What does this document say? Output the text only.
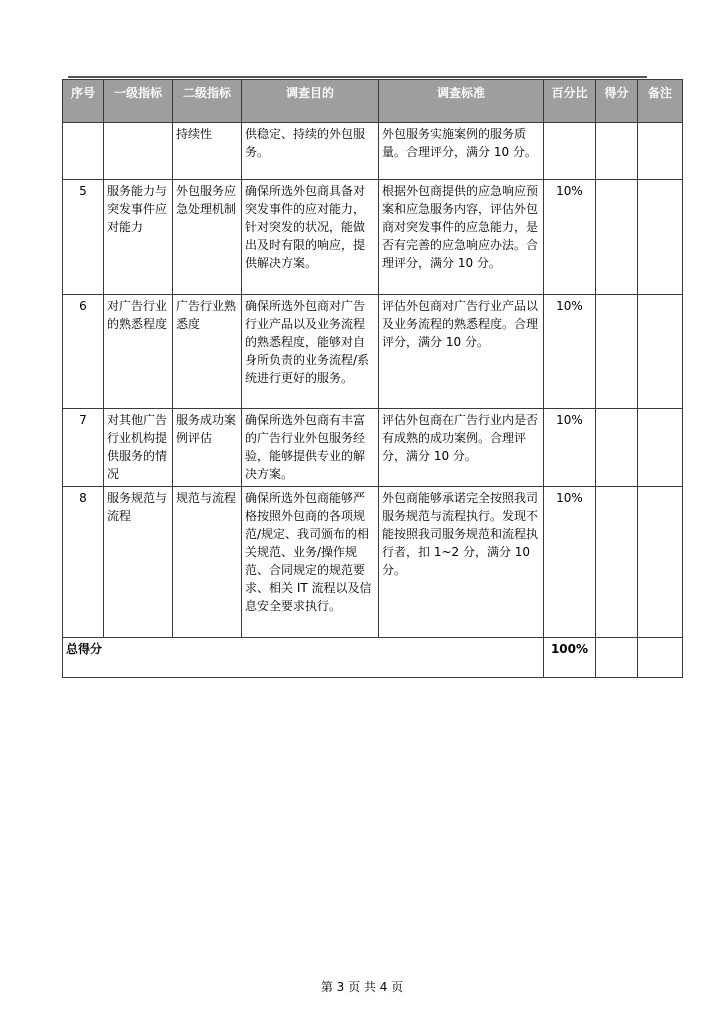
序号	一级指标	二级指标	调查目的	调查标准	百分比	得分	备注
		持续性	供稳定、持续的外包服务。	外包服务实施案例的服务质量。合理评分，满分 10 分。			
5	服务能力与突发事件应对能力	外包服务应急处理机制	确保所选外包商具备对突发事件的应对能力，针对突发的状况，能做出及时有限的响应，提供解决方案。	根据外包商提供的应急响应预案和应急服务内容，评估外包商对突发事件的应急能力，是否有完善的应急响应办法。合理评分，满分 10 分。	10%		
6	对广告行业的熟悉程度	广告行业熟悉度	确保所选外包商对广告行业产品以及业务流程的熟悉程度，能够对自身所负责的业务流程/系统进行更好的服务。	评估外包商对广告行业产品以及业务流程的熟悉程度。合理评分，满分 10 分。	10%		
7	对其他广告行业机构提供服务的情况	服务成功案例评估	确保所选外包商有丰富的广告行业外包服务经验，能够提供专业的解决方案。	评估外包商在广告行业内是否有成熟的成功案例。合理评分，满分 10 分。	10%		
8	服务规范与流程	规范与流程	确保所选外包商能够严格按照外包商的各项规范/规定、我司颁布的相关规范、业务/操作规范、合同规定的规范要求、相关 IT 流程以及信息安全要求执行。	外包商能够承诺完全按照我司服务规范与流程执行。发现不能按照我司服务规范和流程执行者，扣 1~2 分，满分 10 分。	10%		
总得分					100%		
第 3 页 共 4 页
